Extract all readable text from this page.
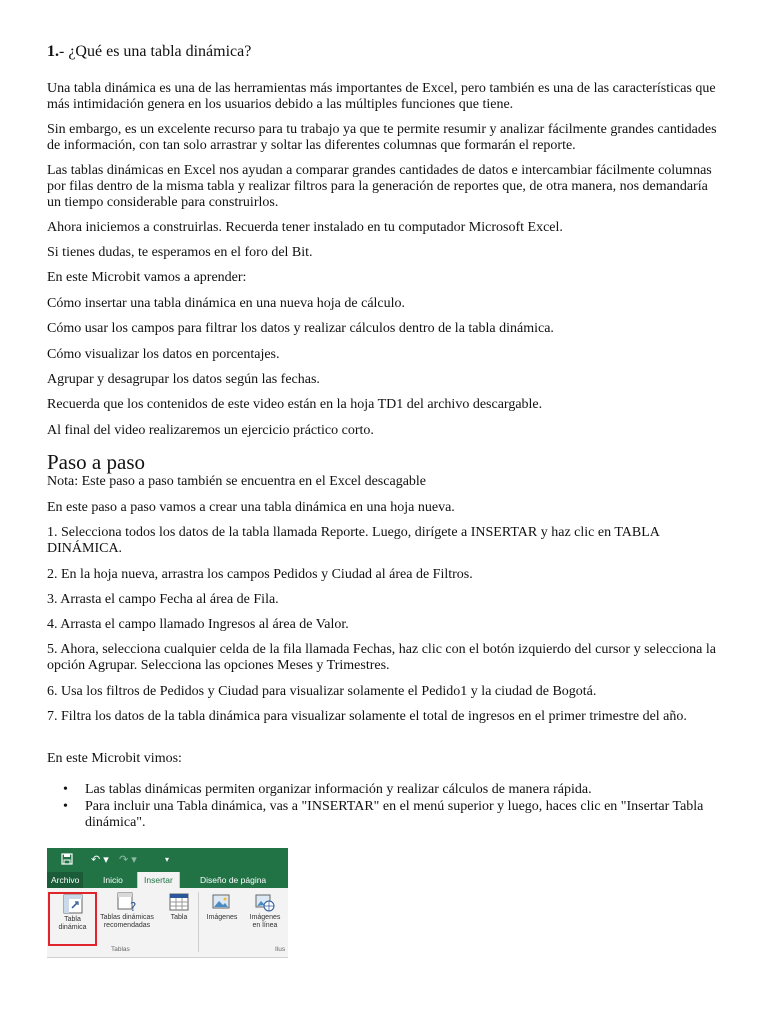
1.- ¿Qué es una tabla dinámica?

Una tabla dinámica es una de las herramientas más importantes de Excel, pero también es una de las características que más intimidación genera en los usuarios debido a las múltiples funciones que tiene.

Sin embargo, es un excelente recurso para tu trabajo ya que te permite resumir y analizar fácilmente grandes cantidades de información, con tan solo arrastrar y soltar las diferentes columnas que formarán el reporte.

Las tablas dinámicas en Excel nos ayudan a comparar grandes cantidades de datos e intercambiar fácilmente columnas por filas dentro de la misma tabla y realizar filtros para la generación de reportes que, de otra manera, nos demandaría un tiempo considerable para construirlos.

Ahora iniciemos a construirlas. Recuerda tener instalado en tu computador Microsoft Excel.

Si tienes dudas, te esperamos en el foro del Bit.

En este Microbit vamos a aprender:

Cómo insertar una tabla dinámica en una nueva hoja de cálculo.

Cómo usar los campos para filtrar los datos y realizar cálculos dentro de la tabla dinámica.

Cómo visualizar los datos en porcentajes.

Agrupar y desagrupar los datos según las fechas.

Recuerda que los contenidos de este video están en la hoja TD1 del archivo descargable.

Al final del video realizaremos un ejercicio práctico corto.

Paso a paso

Nota: Este paso a paso también se encuentra en el Excel descagable

En este paso a paso vamos a crear una tabla dinámica en una hoja nueva.

1. Selecciona todos los datos de la tabla llamada Reporte. Luego, dirígete a INSERTAR y haz clic en TABLA DINÁMICA.

2. En la hoja nueva, arrastra los campos Pedidos y Ciudad al área de Filtros.

3. Arrasta el campo Fecha al área de Fila.

4. Arrasta el campo llamado Ingresos al área de Valor.

5. Ahora, selecciona cualquier celda de la fila llamada Fechas, haz clic con el botón izquierdo del cursor y selecciona la opción Agrupar. Selecciona las opciones Meses y Trimestres.

6. Usa los filtros de Pedidos y Ciudad para visualizar solamente el Pedido1 y la ciudad de Bogotá.

7. Filtra los datos de la tabla dinámica para visualizar solamente el total de ingresos en el primer trimestre del año.

En este Microbit vimos:

• Las tablas dinámicas permiten organizar información y realizar cálculos de manera rápida.
• Para incluir una Tabla dinámica, vas a "INSERTAR" en el menú superior y luego, haces clic en "Insertar Tabla dinámica".
↶ ▾ ↷ ▾	▾
Archivo	Inicio	Insertar	Diseño de página
Tabla
dinámica
?
Tablas dinámicas
recomendadas
Tabla	Imágenes	Imágenes
en línea
Tablas	Ilus
